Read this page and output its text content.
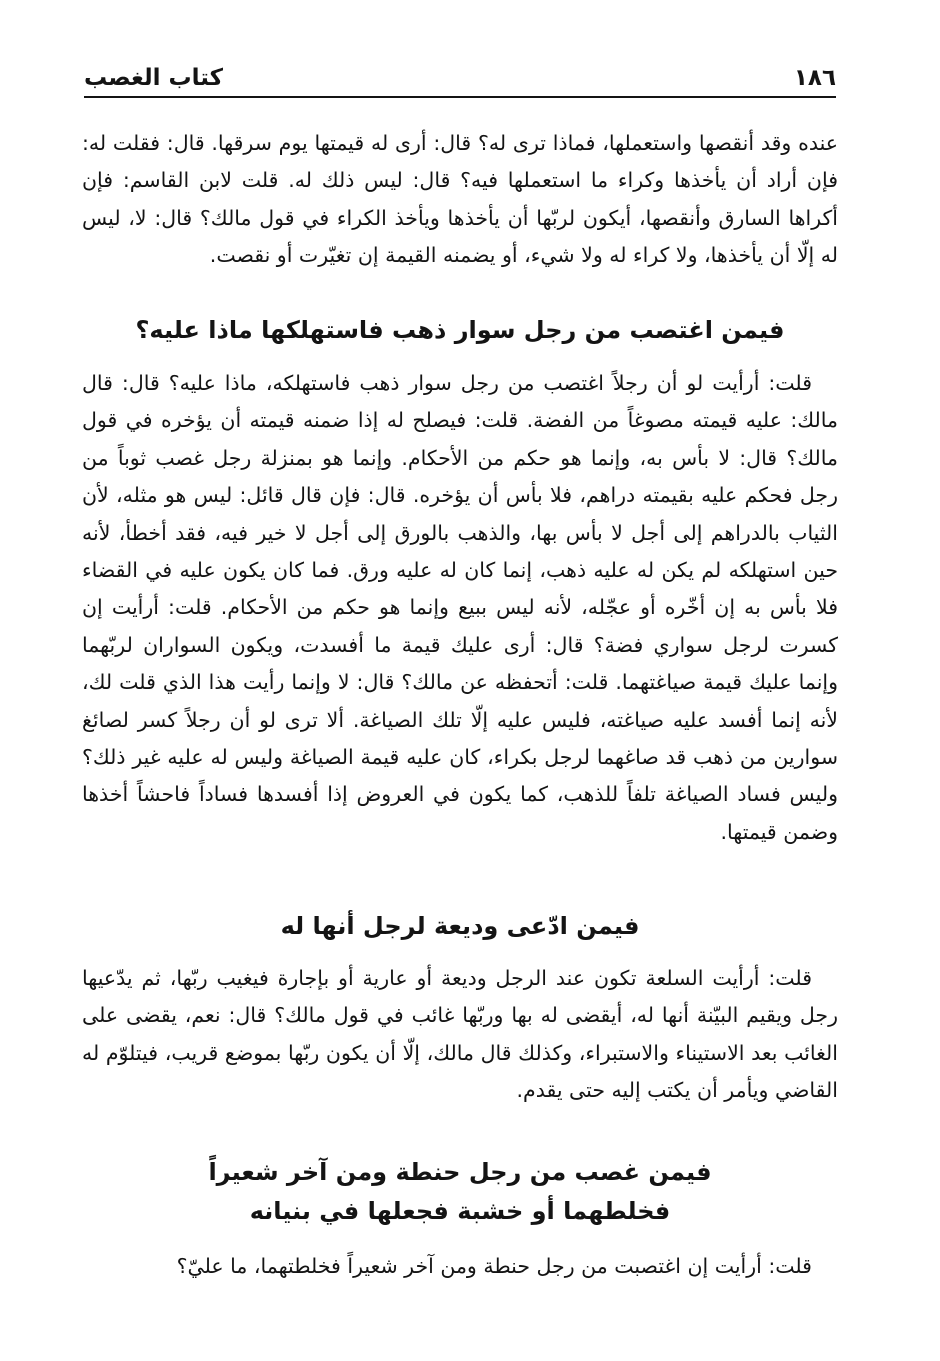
١٨٦
كتاب الغصب

عنده وقد أنقصها واستعملها، فماذا ترى له؟ قال: أرى له قيمتها يوم سرقها. قال: فقلت له: فإن أراد أن يأخذها وكراء ما استعملها فيه؟ قال: ليس ذلك له. قلت لابن القاسم: فإن أكراها السارق وأنقصها، أيكون لربّها أن يأخذها ويأخذ الكراء في قول مالك؟ قال: لا، ليس له إلّا أن يأخذها، ولا كراء له ولا شيء، أو يضمنه القيمة إن تغيّرت أو نقصت.

فيمن اغتصب من رجل سوار ذهب فاستهلكها ماذا عليه؟

قلت: أرأيت لو أن رجلاً اغتصب من رجل سوار ذهب فاستهلكه، ماذا عليه؟ قال: قال مالك: عليه قيمته مصوغاً من الفضة. قلت: فيصلح له إذا ضمنه قيمته أن يؤخره في قول مالك؟ قال: لا بأس به، وإنما هو حكم من الأحكام. وإنما هو بمنزلة رجل غصب ثوباً من رجل فحكم عليه بقيمته دراهم، فلا بأس أن يؤخره. قال: فإن قال قائل: ليس هو مثله، لأن الثياب بالدراهم إلى أجل لا بأس بها، والذهب بالورق إلى أجل لا خير فيه، فقد أخطأ، لأنه حين استهلكه لم يكن له عليه ذهب، إنما كان له عليه ورق. فما كان يكون عليه في القضاء فلا بأس به إن أخّره أو عجّله، لأنه ليس ببيع وإنما هو حكم من الأحكام. قلت: أرأيت إن كسرت لرجل سواري فضة؟ قال: أرى عليك قيمة ما أفسدت، ويكون السواران لربّهما وإنما عليك قيمة صياغتهما. قلت: أتحفظه عن مالك؟ قال: لا وإنما رأيت هذا الذي قلت لك، لأنه إنما أفسد عليه صياغته، فليس عليه إلّا تلك الصياغة. ألا ترى لو أن رجلاً كسر لصائغ سوارين من ذهب قد صاغهما لرجل بكراء، كان عليه قيمة الصياغة وليس له عليه غير ذلك؟ وليس فساد الصياغة تلفاً للذهب، كما يكون في العروض إذا أفسدها فساداً فاحشاً أخذها وضمن قيمتها.

فيمن ادّعى وديعة لرجل أنها له

قلت: أرأيت السلعة تكون عند الرجل وديعة أو عارية أو بإجارة فيغيب ربّها، ثم يدّعيها رجل ويقيم البيّنة أنها له، أيقضى له بها وربّها غائب في قول مالك؟ قال: نعم، يقضى على الغائب بعد الاستيناء والاستبراء، وكذلك قال مالك، إلّا أن يكون ربّها بموضع قريب، فيتلوّم له القاضي ويأمر أن يكتب إليه حتى يقدم.

فيمن غصب من رجل حنطة ومن آخر شعيراً
فخلطهما أو خشبة فجعلها في بنيانه

قلت: أرأيت إن اغتصبت من رجل حنطة ومن آخر شعيراً فخلطتهما، ما عليّ؟
